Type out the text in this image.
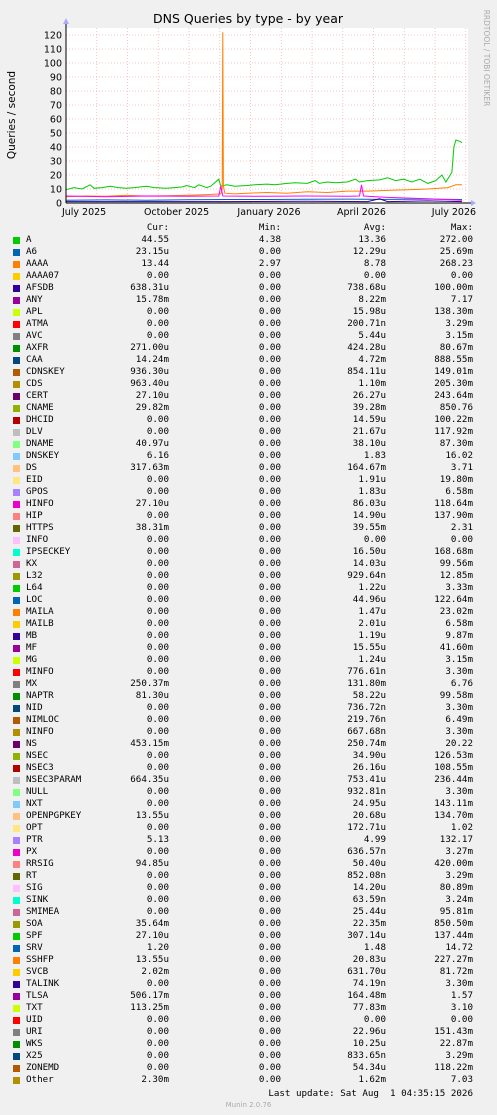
DNS Queries by type - by year
Queries / second
RRDTOOL / TOBI OETIKER
0
10
20
30
40
50
60
70
80
90
100
110
120
July 2025	October 2025	January 2026	April 2026	July 2026
Cur:	Min:	Avg:	Max:
A	44.55	4.38	13.36	272.00
A6	23.15u	0.00	12.29u	25.69m
AAAA	13.44	2.97	8.78	268.23
AAAA07	0.00	0.00	0.00	0.00
AFSDB	638.31u	0.00	738.68u	100.00m
ANY	15.78m	0.00	8.22m	7.17
APL	0.00	0.00	15.98u	138.30m
ATMA	0.00	0.00	200.71n	3.29m
AVC	0.00	0.00	5.44u	3.15m
AXFR	271.00u	0.00	424.28u	80.67m
CAA	14.24m	0.00	4.72m	888.55m
CDNSKEY	936.30u	0.00	854.11u	149.01m
CDS	963.40u	0.00	1.10m	205.30m
CERT	27.10u	0.00	26.27u	243.64m
CNAME	29.82m	0.00	39.28m	850.76
DHCID	0.00	0.00	14.59u	100.22m
DLV	0.00	0.00	21.67u	117.92m
DNAME	40.97u	0.00	38.10u	87.30m
DNSKEY	6.16	0.00	1.83	16.02
DS	317.63m	0.00	164.67m	3.71
EID	0.00	0.00	1.91u	19.80m
GPOS	0.00	0.00	1.83u	6.58m
HINFO	27.10u	0.00	86.03u	118.64m
HIP	0.00	0.00	14.90u	137.90m
HTTPS	38.31m	0.00	39.55m	2.31
INFO	0.00	0.00	0.00	0.00
IPSECKEY	0.00	0.00	16.50u	168.68m
KX	0.00	0.00	14.03u	99.56m
L32	0.00	0.00	929.64n	12.85m
L64	0.00	0.00	1.22u	3.33m
LOC	0.00	0.00	44.96u	122.64m
MAILA	0.00	0.00	1.47u	23.02m
MAILB	0.00	0.00	2.01u	6.58m
MB	0.00	0.00	1.19u	9.87m
MF	0.00	0.00	15.55u	41.60m
MG	0.00	0.00	1.24u	3.15m
MINFO	0.00	0.00	776.61n	3.30m
MX	250.37m	0.00	131.80m	6.76
NAPTR	81.30u	0.00	58.22u	99.58m
NID	0.00	0.00	736.72n	3.30m
NIMLOC	0.00	0.00	219.76n	6.49m
NINFO	0.00	0.00	667.68n	3.30m
NS	453.15m	0.00	250.74m	20.22
NSEC	0.00	0.00	34.90u	126.53m
NSEC3	0.00	0.00	26.16u	108.55m
NSEC3PARAM	664.35u	0.00	753.41u	236.44m
NULL	0.00	0.00	932.81n	3.30m
NXT	0.00	0.00	24.95u	143.11m
OPENPGPKEY	13.55u	0.00	20.68u	134.70m
OPT	0.00	0.00	172.71u	1.02
PTR	5.13	0.00	4.99	132.17
PX	0.00	0.00	636.57n	3.27m
RRSIG	94.85u	0.00	50.40u	420.00m
RT	0.00	0.00	852.08n	3.29m
SIG	0.00	0.00	14.20u	80.89m
SINK	0.00	0.00	63.59n	3.24m
SMIMEA	0.00	0.00	25.44u	95.81m
SOA	35.64m	0.00	22.35m	850.50m
SPF	27.10u	0.00	307.14u	137.44m
SRV	1.20	0.00	1.48	14.72
SSHFP	13.55u	0.00	20.83u	227.27m
SVCB	2.02m	0.00	631.70u	81.72m
TALINK	0.00	0.00	74.19n	3.30m
TLSA	506.17m	0.00	164.48m	1.57
TXT	113.25m	0.00	77.83m	3.10
UID	0.00	0.00	0.00	0.00
URI	0.00	0.00	22.96u	151.43m
WKS	0.00	0.00	10.25u	22.87m
X25	0.00	0.00	833.65n	3.29m
ZONEMD	0.00	0.00	54.34u	118.22m
Other	2.30m	0.00	1.62m	7.03
Last update: Sat Aug  1 04:35:15 2026
Munin 2.0.76
